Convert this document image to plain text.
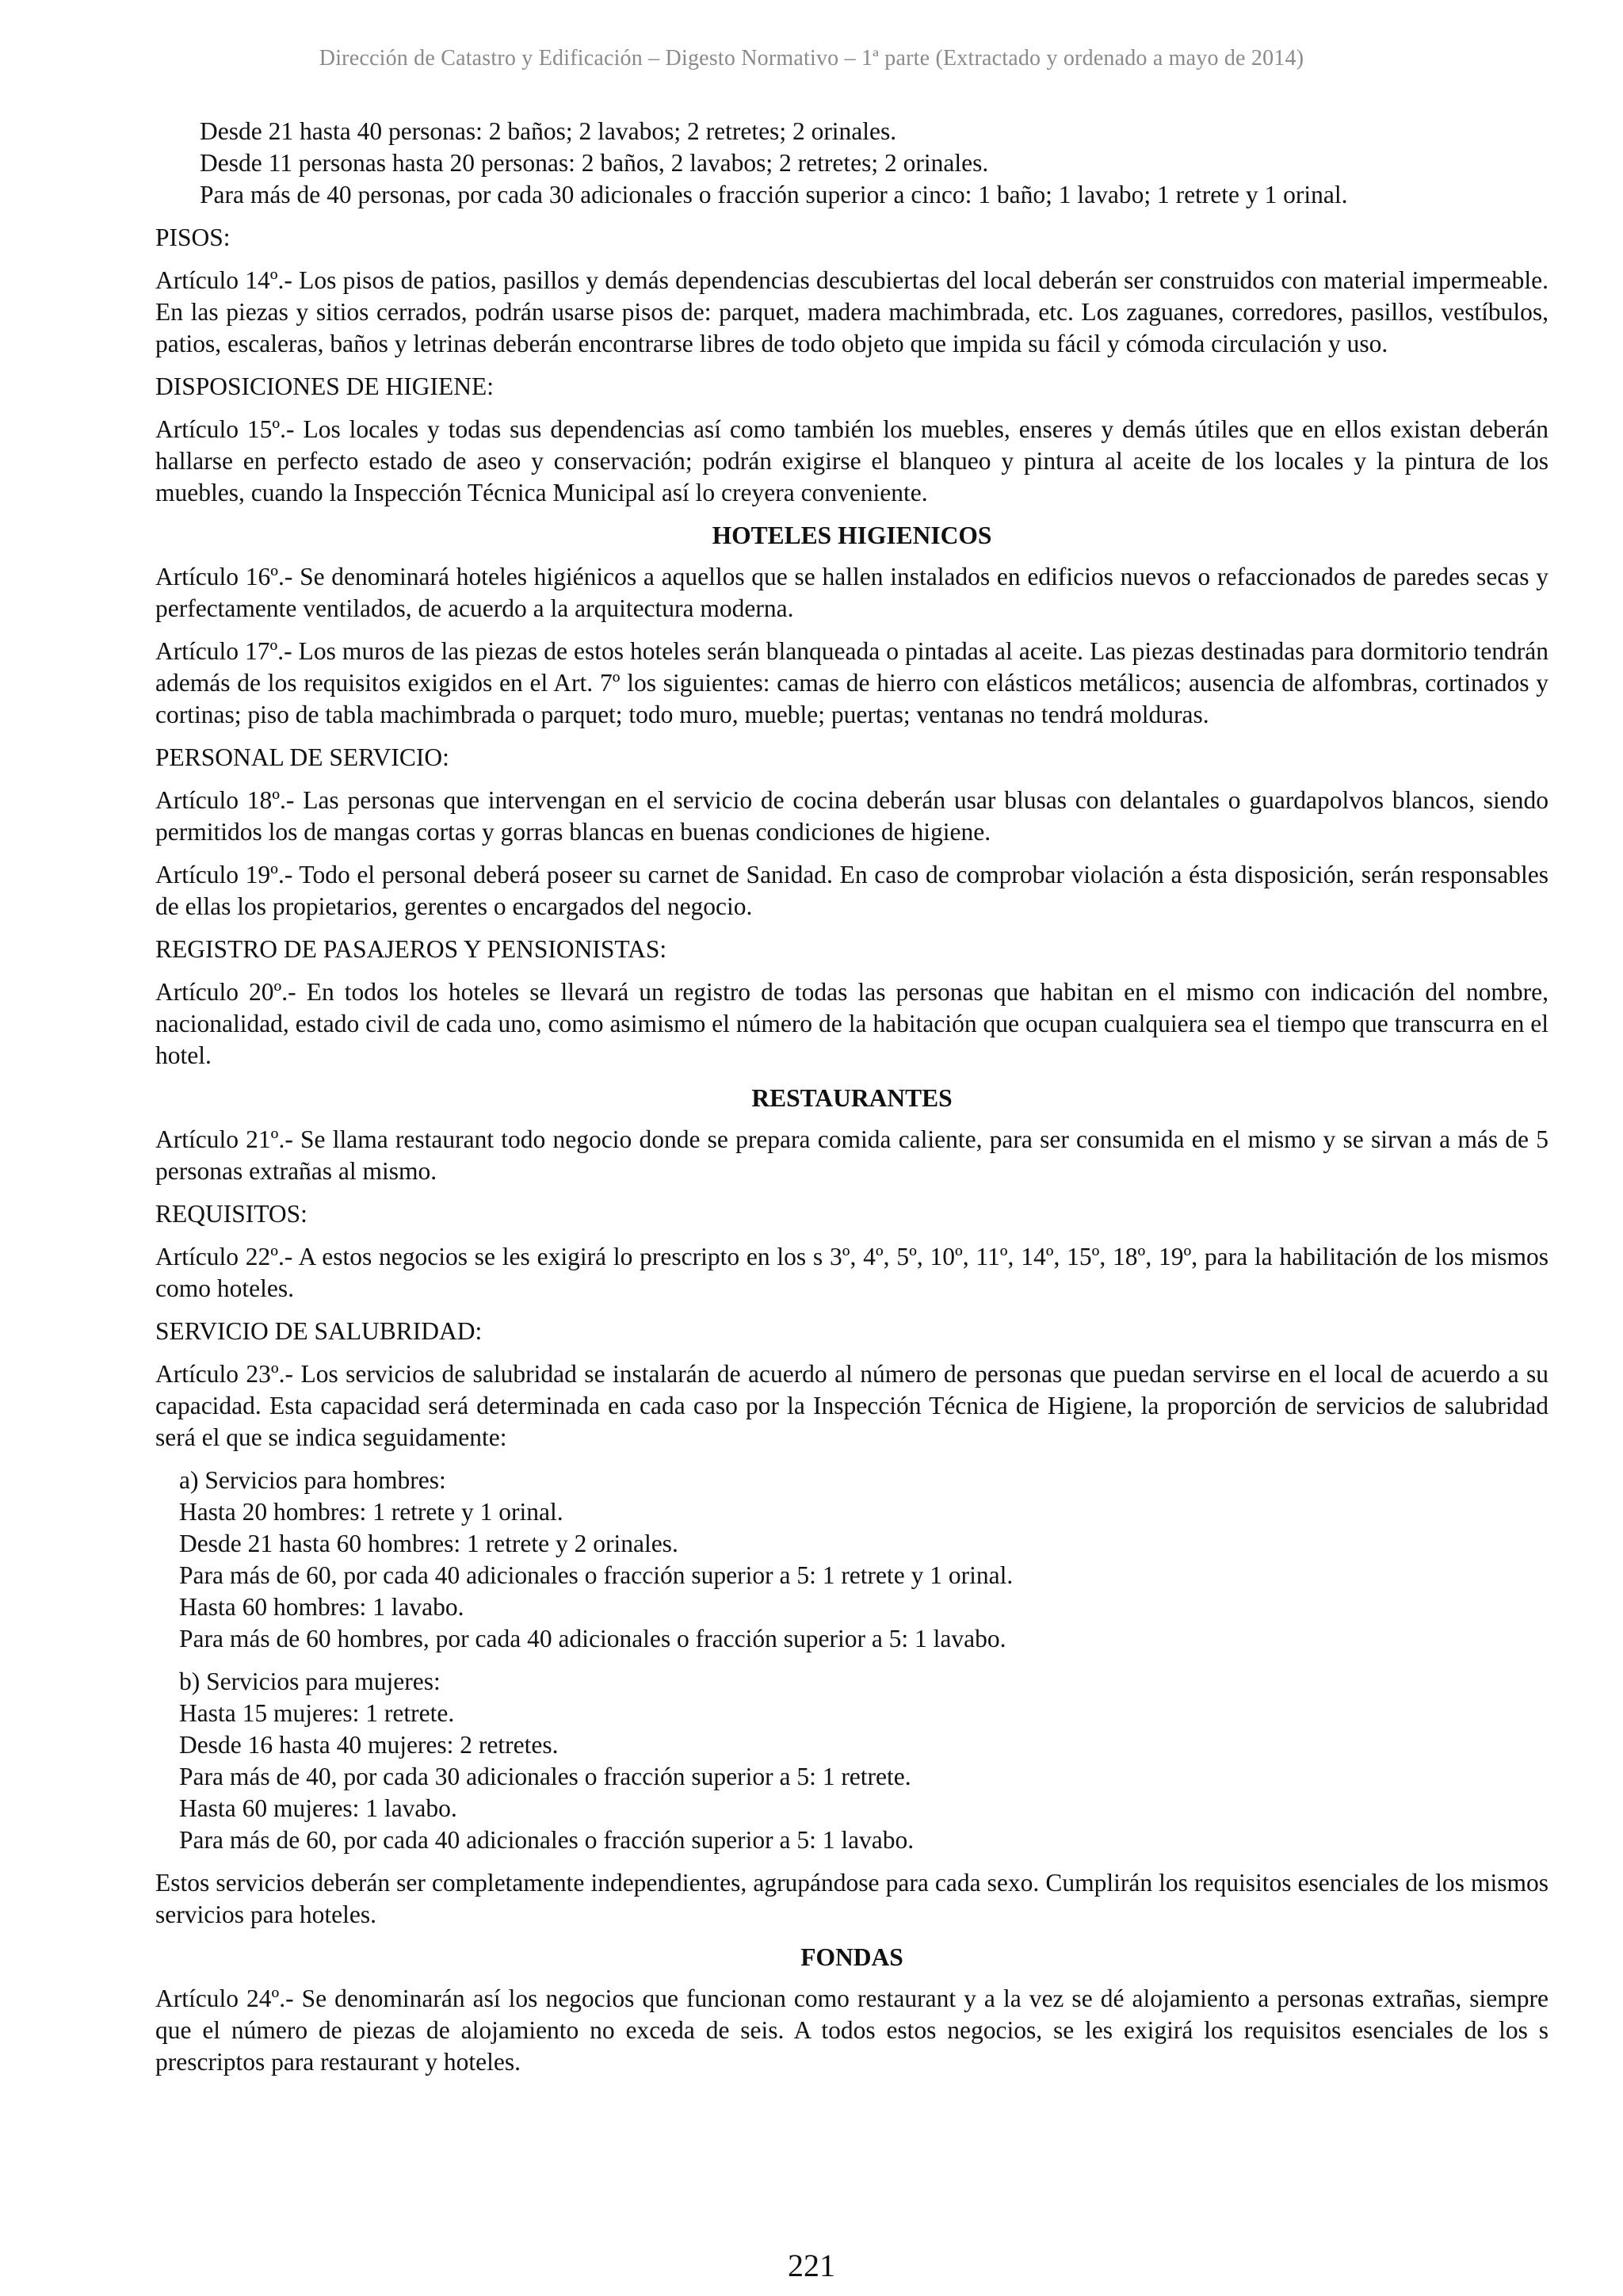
Dirección de Catastro y Edificación – Digesto Normativo – 1ª parte (Extractado y ordenado a mayo de 2014)

Desde 21 hasta 40 personas: 2 baños; 2 lavabos; 2 retretes; 2 orinales.

Desde 11 personas hasta 20 personas: 2 baños, 2 lavabos; 2 retretes; 2 orinales.

Para más de 40 personas, por cada 30 adicionales o fracción superior a cinco: 1 baño; 1 lavabo; 1 retrete y 1 orinal.

PISOS:

Artículo 14º.- Los pisos de patios, pasillos y demás dependencias descubiertas del local deberán ser construidos con material impermeable. En las piezas y sitios cerrados, podrán usarse pisos de: parquet, madera machimbrada, etc. Los zaguanes, corredores, pasillos, vestíbulos, patios, escaleras, baños y letrinas deberán encontrarse libres de todo objeto que impida su fácil y cómoda circulación y uso.

DISPOSICIONES DE HIGIENE:

Artículo 15º.- Los locales y todas sus dependencias así como también los muebles, enseres y demás útiles que en ellos existan deberán hallarse en perfecto estado de aseo y conservación; podrán exigirse el blanqueo y pintura al aceite de los locales y la pintura de los muebles, cuando la Inspección Técnica Municipal así lo creyera conveniente.

HOTELES HIGIENICOS

Artículo 16º.- Se denominará hoteles higiénicos a aquellos que se hallen instalados en edificios nuevos o refaccionados de paredes secas y perfectamente ventilados, de acuerdo a la arquitectura moderna.

Artículo 17º.- Los muros de las piezas de estos hoteles serán blanqueada o pintadas al aceite. Las piezas destinadas para dormitorio tendrán además de los requisitos exigidos en el Art. 7º los siguientes: camas de hierro con elásticos metálicos; ausencia de alfombras, cortinados y cortinas; piso de tabla machimbrada o parquet; todo muro, mueble; puertas; ventanas no tendrá molduras.

PERSONAL DE SERVICIO:

Artículo 18º.- Las personas que intervengan en el servicio de cocina deberán usar blusas con delantales o guardapolvos blancos, siendo permitidos los de mangas cortas y gorras blancas en buenas condiciones de higiene.

Artículo 19º.- Todo el personal deberá poseer su carnet de Sanidad. En caso de comprobar violación a ésta disposición, serán responsables de ellas los propietarios, gerentes o encargados del negocio.

REGISTRO DE PASAJEROS Y PENSIONISTAS:

Artículo 20º.- En todos los hoteles se llevará un registro de todas las personas que habitan en el mismo con indicación del nombre, nacionalidad, estado civil de cada uno, como asimismo el número de la habitación que ocupan cualquiera sea el tiempo que transcurra en el hotel.

RESTAURANTES

Artículo 21º.- Se llama restaurant todo negocio donde se prepara comida caliente, para ser consumida en el mismo y se sirvan a más de 5 personas extrañas al mismo.

REQUISITOS:

Artículo 22º.- A estos negocios se les exigirá lo prescripto en los s 3º, 4º, 5º, 10º, 11º, 14º, 15º, 18º, 19º, para la habilitación de los mismos como hoteles.

SERVICIO DE SALUBRIDAD:

Artículo 23º.- Los servicios de salubridad se instalarán de acuerdo al número de personas que puedan servirse en el local de acuerdo a su capacidad. Esta capacidad será determinada en cada caso por la Inspección Técnica de Higiene, la proporción de servicios de salubridad será el que se indica seguidamente:

a) Servicios para hombres:

Hasta 20 hombres: 1 retrete y 1 orinal.

Desde 21 hasta 60 hombres: 1 retrete y 2 orinales.

Para más de 60, por cada 40 adicionales o fracción superior a 5: 1 retrete y 1 orinal.

Hasta 60 hombres: 1 lavabo.

Para más de 60 hombres, por cada 40 adicionales o fracción superior a 5: 1 lavabo.

b) Servicios para mujeres:

Hasta 15 mujeres: 1 retrete.

Desde 16 hasta 40 mujeres: 2 retretes.

Para más de 40, por cada 30 adicionales o fracción superior a 5: 1 retrete.

Hasta 60 mujeres: 1 lavabo.

Para más de 60, por cada 40 adicionales o fracción superior a 5: 1 lavabo.

Estos servicios deberán ser completamente independientes, agrupándose para cada sexo. Cumplirán los requisitos esenciales de los mismos servicios para hoteles.

FONDAS

Artículo 24º.- Se denominarán así los negocios que funcionan como restaurant y a la vez se dé alojamiento a personas extrañas, siempre que el número de piezas de alojamiento no exceda de seis. A todos estos negocios, se les exigirá los requisitos esenciales de los s prescriptos para restaurant y hoteles.

221
